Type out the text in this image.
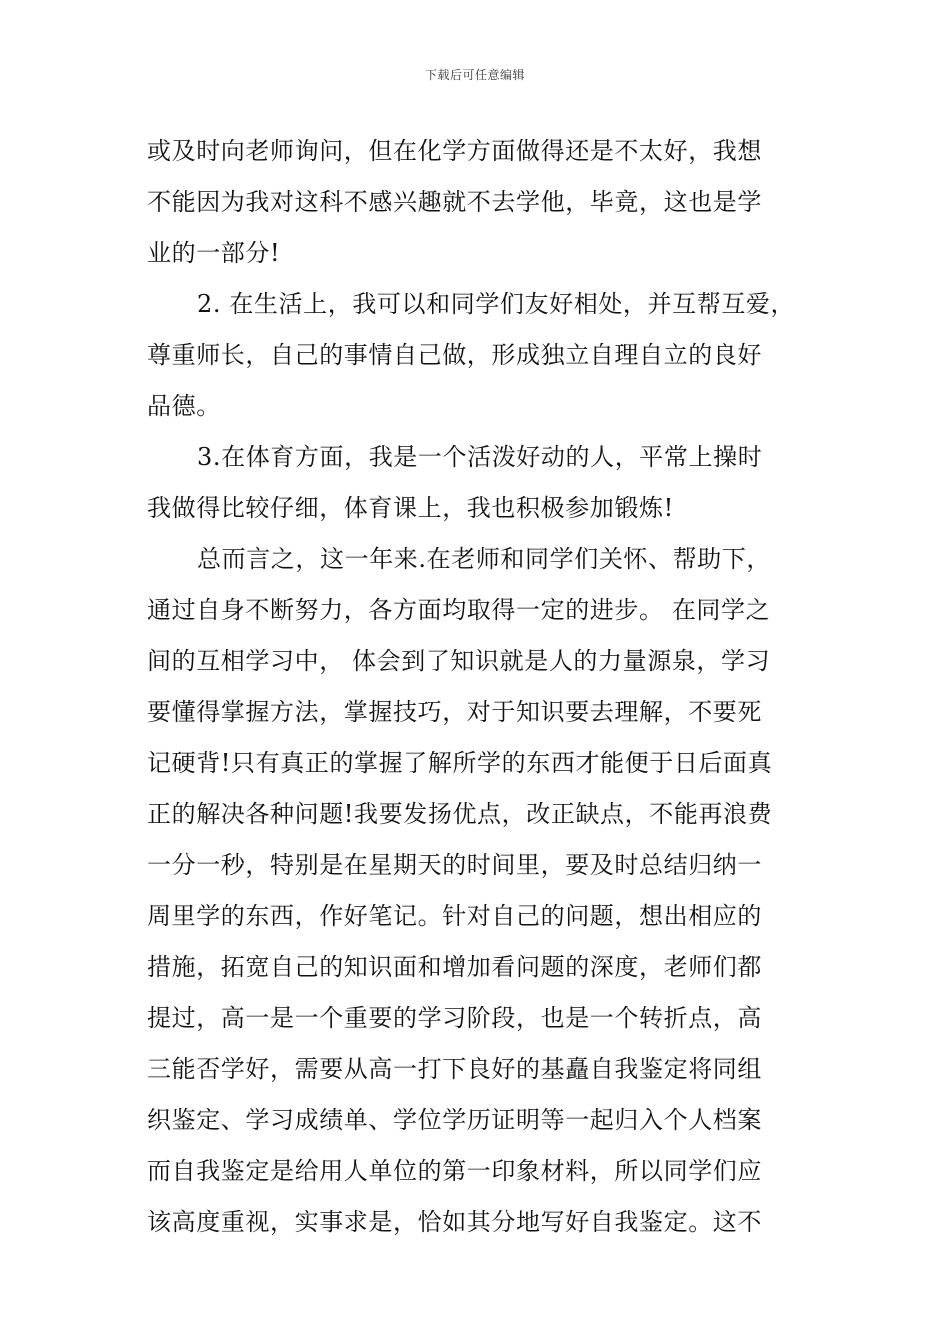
下载后可任意编辑
或及时向老师询问，但在化学方面做得还是不太好，我想
不能因为我对这科不感兴趣就不去学他，毕竟，这也是学
业的一部分!
2. 在生活上，我可以和同学们友好相处，并互帮互爱，
尊重师长，自己的事情自己做，形成独立自理自立的良好
品德。
3.在体育方面，我是一个活泼好动的人，平常上操时
我做得比较仔细，体育课上，我也积极参加锻炼!
总而言之，这一年来.在老师和同学们关怀、帮助下，
通过自身不断努力，各方面均取得一定的进步。 在同学之
间的互相学习中， 体会到了知识就是人的力量源泉，学习
要懂得掌握方法，掌握技巧，对于知识要去理解，不要死
记硬背!只有真正的掌握了解所学的东西才能便于日后面真
正的解决各种问题!我要发扬优点，改正缺点，不能再浪费
一分一秒，特别是在星期天的时间里，要及时总结归纳一
周里学的东西，作好笔记。针对自己的问题，想出相应的
措施，拓宽自己的知识面和增加看问题的深度，老师们都
提过，高一是一个重要的学习阶段，也是一个转折点，高
三能否学好，需要从高一打下良好的基矗自我鉴定将同组
织鉴定、学习成绩单、学位学历证明等一起归入个人档案
而自我鉴定是给用人单位的第一印象材料，所以同学们应
该高度重视，实事求是，恰如其分地写好自我鉴定。这不
